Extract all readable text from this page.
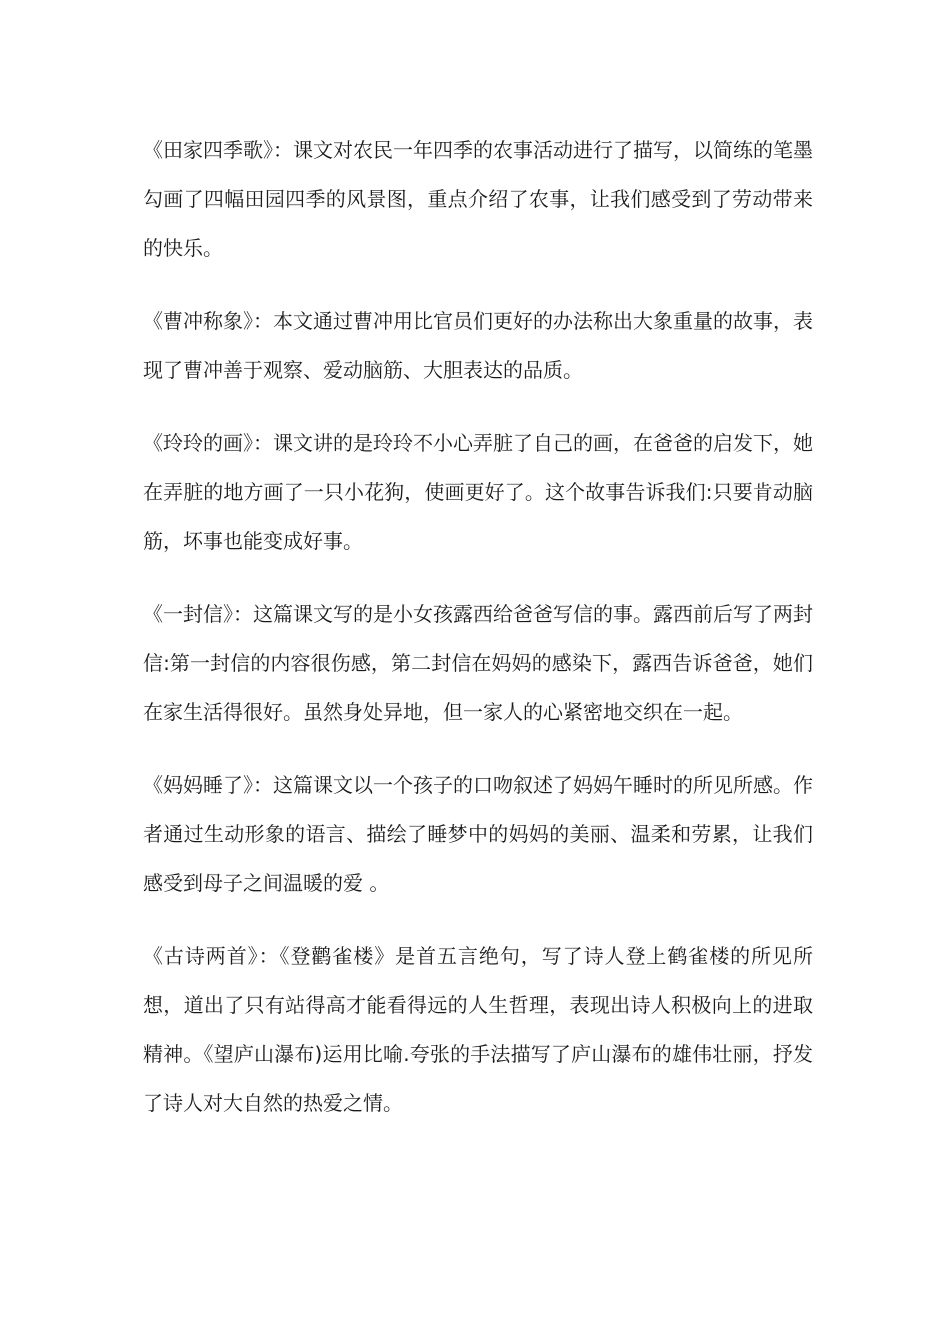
《田家四季歌》：课文对农民一年四季的农事活动进行了描写，以简练的笔墨勾画了四幅田园四季的风景图，重点介绍了农事，让我们感受到了劳动带来的快乐。

《曹冲称象》：本文通过曹冲用比官员们更好的办法称出大象重量的故事，表现了曹冲善于观察、爱动脑筋、大胆表达的品质。

《玲玲的画》：课文讲的是玲玲不小心弄脏了自己的画，在爸爸的启发下，她在弄脏的地方画了一只小花狗，使画更好了。这个故事告诉我们:只要肯动脑筋，坏事也能变成好事。

《一封信》：这篇课文写的是小女孩露西给爸爸写信的事。露西前后写了两封信:第一封信的内容很伤感，第二封信在妈妈的感染下，露西告诉爸爸，她们在家生活得很好。虽然身处异地，但一家人的心紧密地交织在一起。

《妈妈睡了》：这篇课文以一个孩子的口吻叙述了妈妈午睡时的所见所感。作者通过生动形象的语言、描绘了睡梦中的妈妈的美丽、温柔和劳累，让我们感受到母子之间温暖的爱 。

《古诗两首》：《登鹳雀楼》是首五言绝句，写了诗人登上鹤雀楼的所见所想，道出了只有站得高才能看得远的人生哲理，表现出诗人积极向上的进取精神。《望庐山瀑布)运用比喻.夸张的手法描写了庐山瀑布的雄伟壮丽，抒发了诗人对大自然的热爱之情。
